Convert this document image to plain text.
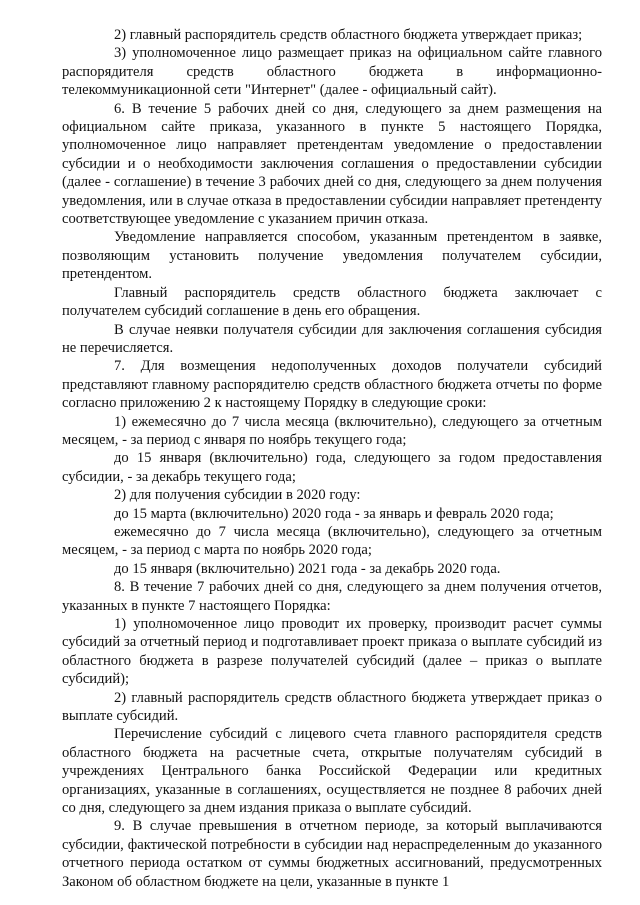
2) главный распорядитель средств областного бюджета утверждает приказ;

3) уполномоченное лицо размещает приказ на официальном сайте главного распорядителя средств областного бюджета в информационно-телекоммуникационной сети "Интернет" (далее - официальный сайт).

6. В течение 5 рабочих дней со дня, следующего за днем размещения на официальном сайте приказа, указанного в пункте 5 настоящего Порядка, уполномоченное лицо направляет претендентам уведомление о предоставлении субсидии и о необходимости заключения соглашения о предоставлении субсидии (далее - соглашение) в течение 3 рабочих дней со дня, следующего за днем получения уведомления, или в случае отказа в предоставлении субсидии направляет претенденту соответствующее уведомление с указанием причин отказа.

Уведомление направляется способом, указанным претендентом в заявке, позволяющим установить получение уведомления получателем субсидии, претендентом.

Главный распорядитель средств областного бюджета заключает с получателем субсидий соглашение в день его обращения.

В случае неявки получателя субсидии для заключения соглашения субсидия не перечисляется.

7. Для возмещения недополученных доходов получатели субсидий представляют главному распорядителю средств областного бюджета отчеты по форме согласно приложению 2 к настоящему Порядку в следующие сроки:

1) ежемесячно до 7 числа месяца (включительно), следующего за отчетным месяцем, - за период с января по ноябрь текущего года;

до 15 января (включительно) года, следующего за годом предоставления субсидии, - за декабрь текущего года;

2) для получения субсидии в 2020 году:

до 15 марта (включительно) 2020 года - за январь и февраль 2020 года;

ежемесячно до 7 числа месяца (включительно), следующего за отчетным месяцем, - за период с марта по ноябрь 2020 года;

до 15 января (включительно) 2021 года - за декабрь 2020 года.

8. В течение 7 рабочих дней со дня, следующего за днем получения отчетов, указанных в пункте 7 настоящего Порядка:

1) уполномоченное лицо проводит их проверку, производит расчет суммы субсидий за отчетный период и подготавливает проект приказа о выплате субсидий из областного бюджета в разрезе получателей субсидий (далее – приказ о выплате субсидий);

2) главный распорядитель средств областного бюджета утверждает приказ о выплате субсидий.

Перечисление субсидий с лицевого счета главного распорядителя средств областного бюджета на расчетные счета, открытые получателям субсидий в учреждениях Центрального банка Российской Федерации или кредитных организациях, указанные в соглашениях, осуществляется не позднее 8 рабочих дней со дня, следующего за днем издания приказа о выплате субсидий.

9. В случае превышения в отчетном периоде, за который выплачиваются субсидии, фактической потребности в субсидии над нераспределенным до указанного отчетного периода остатком от суммы бюджетных ассигнований, предусмотренных Законом об областном бюджете на цели, указанные в пункте 1
